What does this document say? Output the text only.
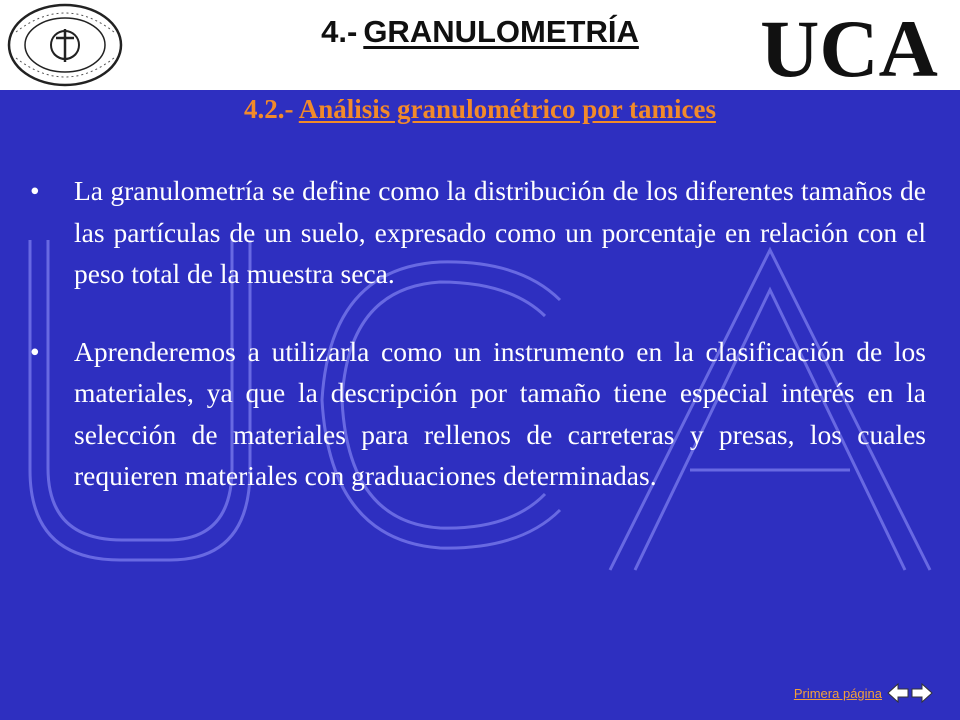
4.- GRANULOMETRÍA	UCA
4.2.- Análisis granulométrico por tamices
• La granulometría se define como la distribución de los diferentes tamaños de las partículas de un suelo, expresado como un porcentaje en relación con el peso total de la muestra seca.
• Aprenderemos a utilizarla como un instrumento en la clasificación de los materiales, ya que la descripción por tamaño tiene especial interés en la selección de materiales para rellenos de carreteras y presas, los cuales requieren materiales con graduaciones determinadas.
Primera página
